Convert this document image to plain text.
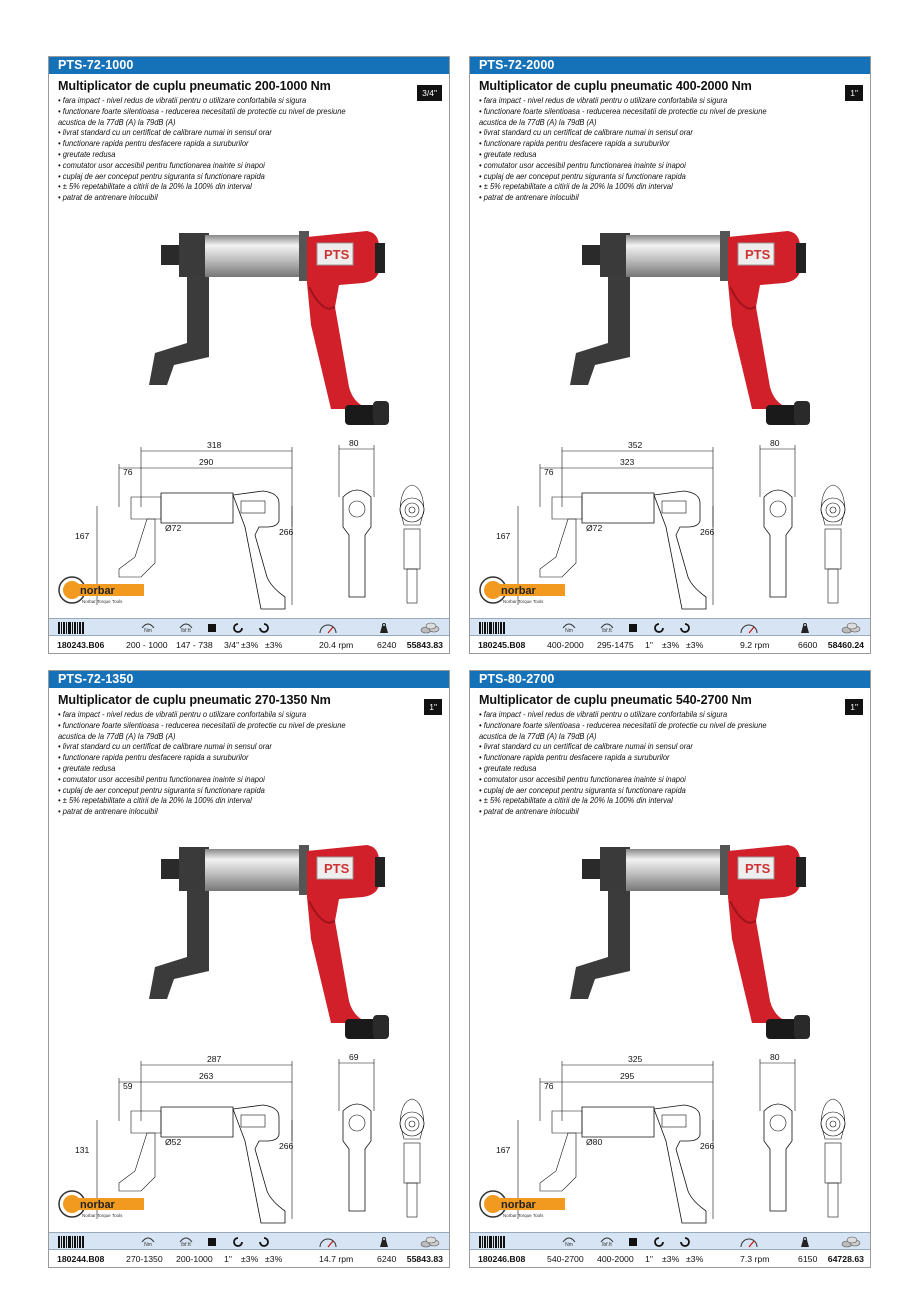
PTS-72-1000
Multiplicator de cuplu pneumatic 200-1000 Nm	3/4"
• fara impact - nivel redus de vibratii pentru o utilizare confortabila si sigura
• functionare foarte silentioasa - reducerea necesitatii de protectie cu nivel de presiune
acustica de la 77dB (A) la 79dB (A)
• livrat standard cu un certificat de calibrare numai in sensul orar
• functionare rapida pentru desfacere rapida a suruburilor
• greutate redusa
• comutator usor accesibil pentru functionarea inainte si inapoi
• cuplaj de aer conceput pentru siguranta si functionare rapida
• ± 5% repetabilitate a citirii de la 20% la 100% din interval
• patrat de antrenare inlocuibil
PTS
318
290
76
80
266
167
Ø72
norbar
Norbar Torque Tools
Nm	lbf.ft
180243.B06 200 - 1000 147 - 738 3/4" ±3% ±3%	20.4 rpm	6240 55843.83
PTS-72-2000
Multiplicator de cuplu pneumatic 400-2000 Nm	1"
• fara impact - nivel redus de vibratii pentru o utilizare confortabila si sigura
• functionare foarte silentioasa - reducerea necesitatii de protectie cu nivel de presiune
acustica de la 77dB (A) la 79dB (A)
• livrat standard cu un certificat de calibrare numai in sensul orar
• functionare rapida pentru desfacere rapida a suruburilor
• greutate redusa
• comutator usor accesibil pentru functionarea inainte si inapoi
• cuplaj de aer conceput pentru siguranta si functionare rapida
• ± 5% repetabilitate a citirii de la 20% la 100% din interval
• patrat de antrenare inlocuibil
PTS
352
323
76
80
266
167
Ø72
norbar
Norbar Torque Tools
Nm	lbf.ft
180245.B08 400-2000 295-1475 1" ±3% ±3%	9.2 rpm	6600 58460.24
PTS-72-1350
Multiplicator de cuplu pneumatic 270-1350 Nm	1"
• fara impact - nivel redus de vibratii pentru o utilizare confortabila si sigura
• functionare foarte silentioasa - reducerea necesitatii de protectie cu nivel de presiune
acustica de la 77dB (A) la 79dB (A)
• livrat standard cu un certificat de calibrare numai in sensul orar
• functionare rapida pentru desfacere rapida a suruburilor
• greutate redusa
• comutator usor accesibil pentru functionarea inainte si inapoi
• cuplaj de aer conceput pentru siguranta si functionare rapida
• ± 5% repetabilitate a citirii de la 20% la 100% din interval
• patrat de antrenare inlocuibil
PTS
287
263
59
69
266
131
Ø52
norbar
Norbar Torque Tools
Nm	lbf.ft
180244.B08 270-1350 200-1000 1" ±3% ±3%	14.7 rpm	6240 55843.83
PTS-80-2700
Multiplicator de cuplu pneumatic 540-2700 Nm	1"
• fara impact - nivel redus de vibratii pentru o utilizare confortabila si sigura
• functionare foarte silentioasa - reducerea necesitatii de protectie cu nivel de presiune
acustica de la 77dB (A) la 79dB (A)
• livrat standard cu un certificat de calibrare numai in sensul orar
• functionare rapida pentru desfacere rapida a suruburilor
• greutate redusa
• comutator usor accesibil pentru functionarea inainte si inapoi
• cuplaj de aer conceput pentru siguranta si functionare rapida
• ± 5% repetabilitate a citirii de la 20% la 100% din interval
• patrat de antrenare inlocuibil
PTS
325
295
76
80
266
167
Ø80
norbar
Norbar Torque Tools
Nm	lbf.ft
180246.B08 540-2700 400-2000 1" ±3% ±3%	7.3 rpm	6150 64728.63
